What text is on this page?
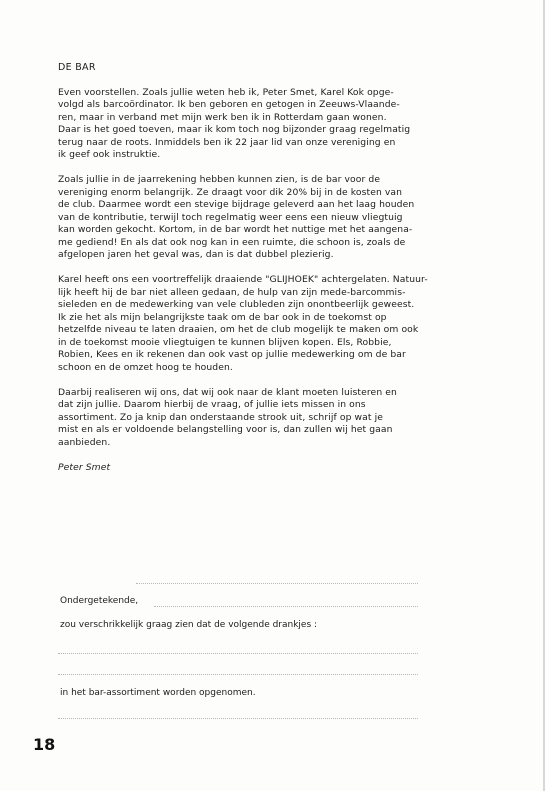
DE BAR

Even voorstellen. Zoals jullie weten heb ik, Peter Smet, Karel Kok opge-
volgd als barcoördinator. Ik ben geboren en getogen in Zeeuws-Vlaande-
ren, maar in verband met mijn werk ben ik in Rotterdam gaan wonen.
Daar is het goed toeven, maar ik kom toch nog bijzonder graag regelmatig
terug naar de roots. Inmiddels ben ik 22 jaar lid van onze vereniging en
ik geef ook instruktie.

Zoals jullie in de jaarrekening hebben kunnen zien, is de bar voor de
vereniging enorm belangrijk. Ze draagt voor dik 20% bij in de kosten van
de club. Daarmee wordt een stevige bijdrage geleverd aan het laag houden
van de kontributie, terwijl toch regelmatig weer eens een nieuw vliegtuig
kan worden gekocht. Kortom, in de bar wordt het nuttige met het aangena-
me gediend! En als dat ook nog kan in een ruimte, die schoon is, zoals de
afgelopen jaren het geval was, dan is dat dubbel plezierig.

Karel heeft ons een voortreffelijk draaiende "GLIJHOEK" achtergelaten. Natuur-
lijk heeft hij de bar niet alleen gedaan, de hulp van zijn mede-barcommis-
sieleden en de medewerking van vele clubleden zijn onontbeerlijk geweest.
Ik zie het als mijn belangrijkste taak om de bar ook in de toekomst op
hetzelfde niveau te laten draaien, om het de club mogelijk te maken om ook
in de toekomst mooie vliegtuigen te kunnen blijven kopen. Els, Robbie,
Robien, Kees en ik rekenen dan ook vast op jullie medewerking om de bar
schoon en de omzet hoog te houden.

Daarbij realiseren wij ons, dat wij ook naar de klant moeten luisteren en
dat zijn jullie. Daarom hierbij de vraag, of jullie iets missen in ons
assortiment. Zo ja knip dan onderstaande strook uit, schrijf op wat je
mist en als er voldoende belangstelling voor is, dan zullen wij het gaan
aanbieden.

Peter Smet

Ondergetekende,
zou verschrikkelijk graag zien dat de volgende drankjes :
in het bar-assortiment worden opgenomen.
18
